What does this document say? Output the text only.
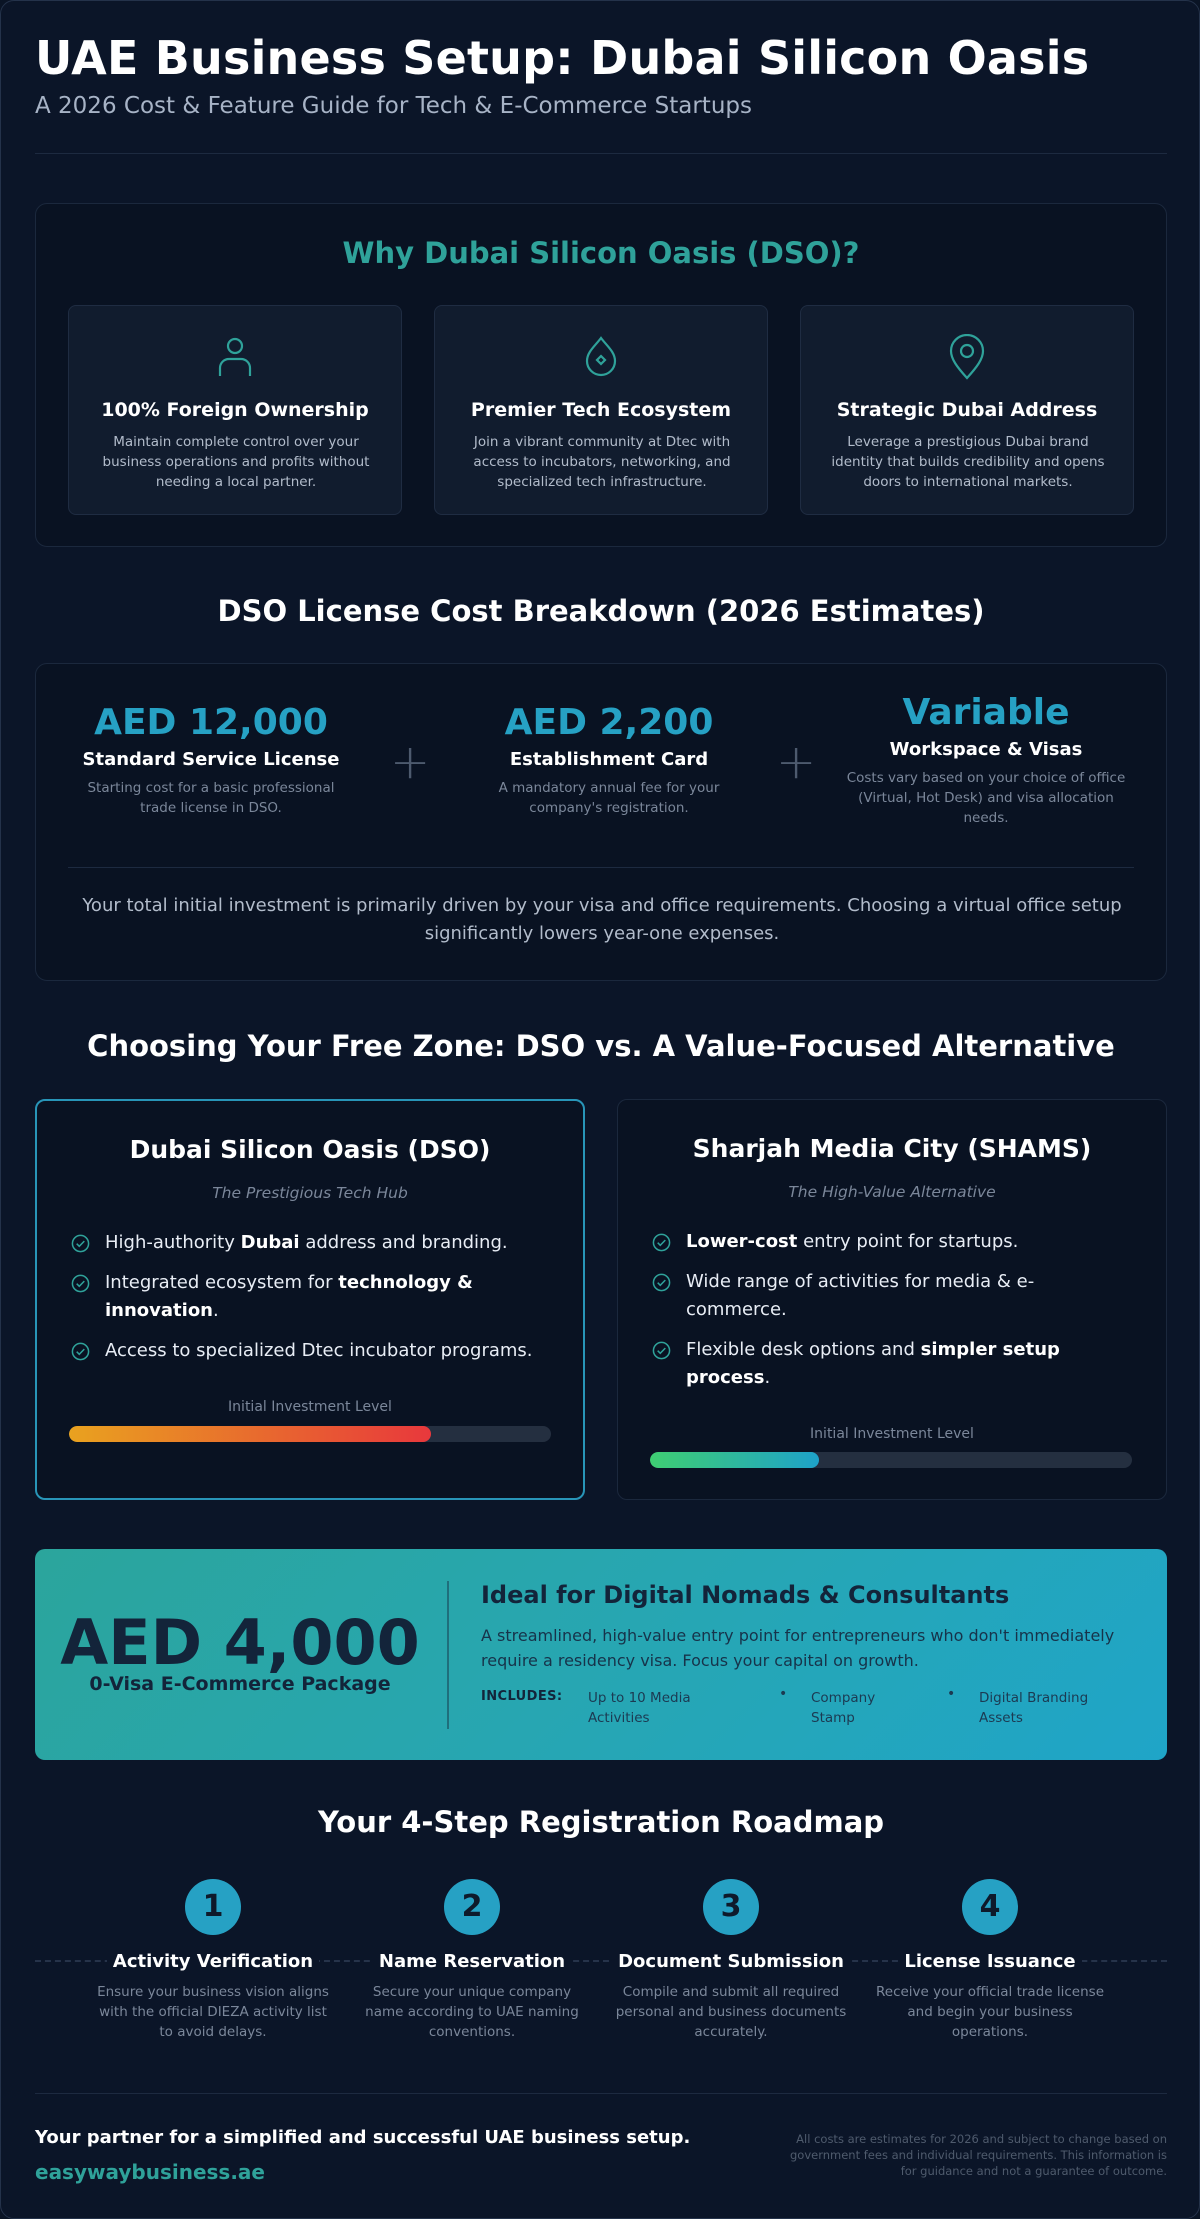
UAE Business Setup: Dubai Silicon Oasis
A 2026 Cost & Feature Guide for Tech & E-Commerce Startups
Why Dubai Silicon Oasis (DSO)?
100% Foreign Ownership

Maintain complete control over your business operations and profits without needing a local partner.

Premier Tech Ecosystem

Join a vibrant community at Dtec with access to incubators, networking, and specialized tech infrastructure.

Strategic Dubai Address

Leverage a prestigious Dubai brand identity that builds credibility and opens doors to international markets.

DSO License Cost Breakdown (2026 Estimates)
AED 12,000
Standard Service License
Starting cost for a basic professional trade license in DSO.
+
AED 2,200
Establishment Card
A mandatory annual fee for your company's registration.
+
Variable
Workspace & Visas
Costs vary based on your choice of office (Virtual, Hot Desk) and visa allocation needs.

Your total initial investment is primarily driven by your visa and office requirements. Choosing a virtual office setup significantly lowers year-one expenses.

Choosing Your Free Zone: DSO vs. A Value-Focused Alternative
Dubai Silicon Oasis (DSO)
The Prestigious Tech Hub
High-authority Dubai address and branding.
Integrated ecosystem for technology & innovation.
Access to specialized Dtec incubator programs.
Initial Investment Level
Sharjah Media City (SHAMS)
The High-Value Alternative
Lower-cost entry point for startups.
Wide range of activities for media & e-commerce.
Flexible desk options and simpler setup process.
Initial Investment Level
AED 4,000
0-Visa E-Commerce Package
Ideal for Digital Nomads & Consultants

A streamlined, high-value entry point for entrepreneurs who don't immediately require a residency visa. Focus your capital on growth.

INCLUDES: Up to 10 Media Activities
• Company Stamp
• Digital Branding Assets
Your 4-Step Registration Roadmap
1
Activity Verification

Ensure your business vision aligns with the official DIEZA activity list to avoid delays.

2
Name Reservation

Secure your unique company name according to UAE naming conventions.

3
Document Submission

Compile and submit all required personal and business documents accurately.

4
License Issuance

Receive your official trade license and begin your business operations.

Your partner for a simplified and successful UAE business setup.
easywaybusiness.ae
All costs are estimates for 2026 and subject to change based on government fees and individual requirements. This information is for guidance and not a guarantee of outcome.
